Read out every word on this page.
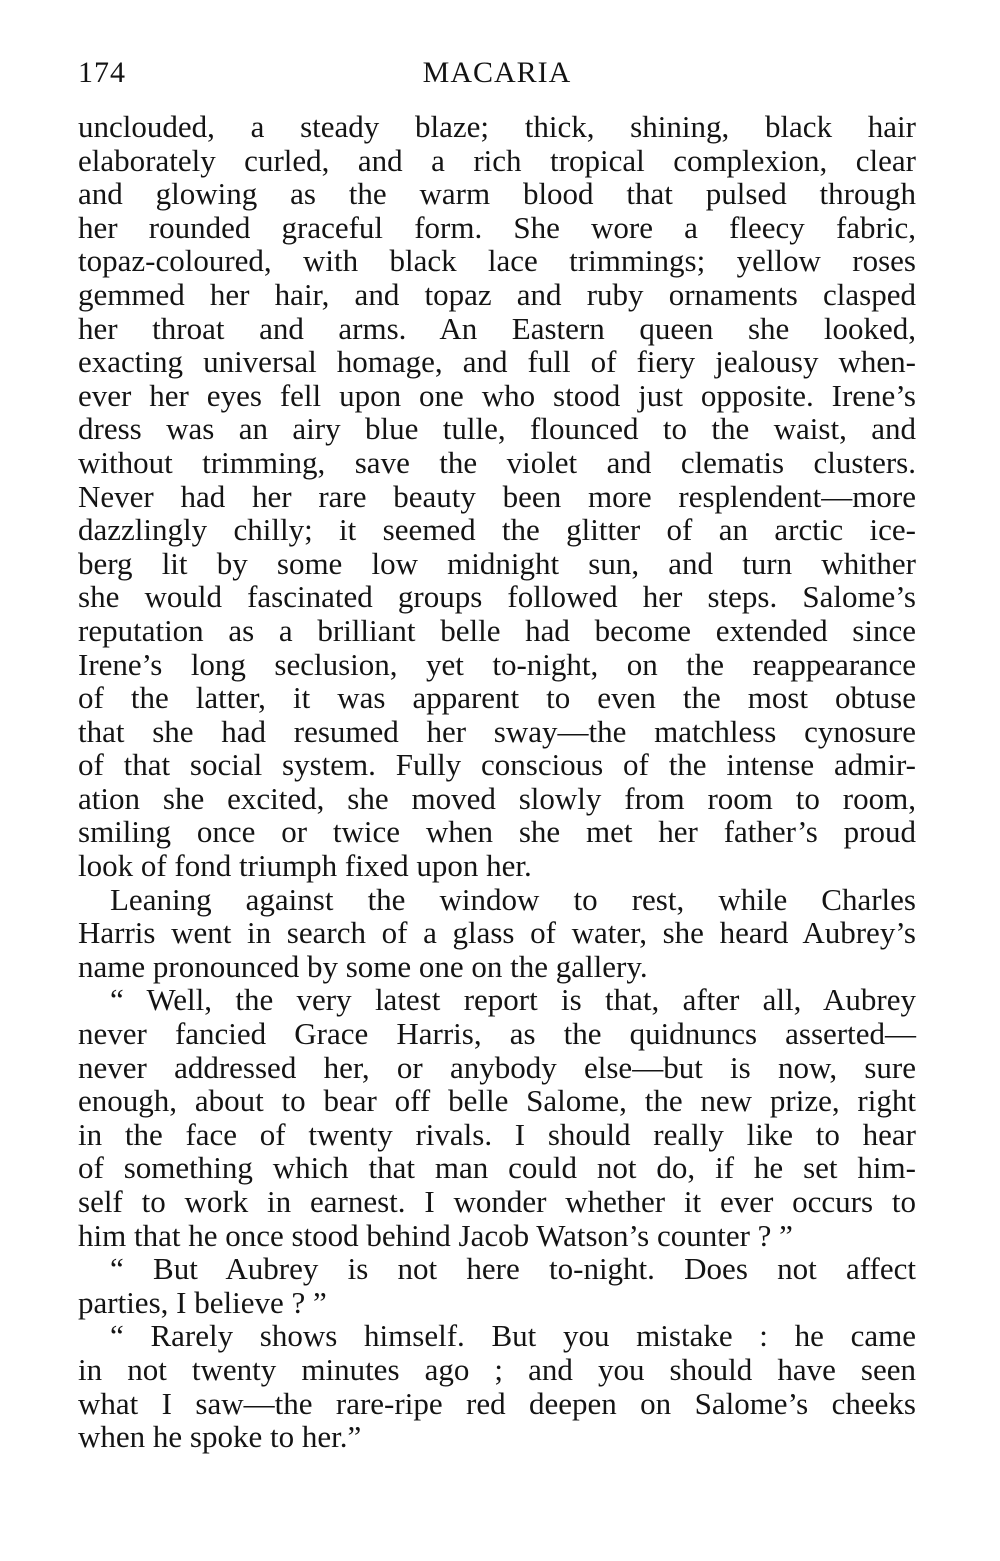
174	MACARIA
unclouded, a steady blaze; thick, shining, black hair
elaborately curled, and a rich tropical complexion, clear
and glowing as the warm blood that pulsed through
her rounded graceful form. She wore a fleecy fabric,
topaz-coloured, with black lace trimmings; yellow roses
gemmed her hair, and topaz and ruby ornaments clasped
her throat and arms. An Eastern queen she looked,
exacting universal homage, and full of fiery jealousy when-
ever her eyes fell upon one who stood just opposite. Irene’s
dress was an airy blue tulle, flounced to the waist, and
without trimming, save the violet and clematis clusters.
Never had her rare beauty been more resplendent—more
dazzlingly chilly; it seemed the glitter of an arctic ice-
berg lit by some low midnight sun, and turn whither
she would fascinated groups followed her steps. Salome’s
reputation as a brilliant belle had become extended since
Irene’s long seclusion, yet to-night, on the reappearance
of the latter, it was apparent to even the most obtuse
that she had resumed her sway—the matchless cynosure
of that social system. Fully conscious of the intense admir-
ation she excited, she moved slowly from room to room,
smiling once or twice when she met her father’s proud
look of fond triumph fixed upon her.
Leaning against the window to rest, while Charles
Harris went in search of a glass of water, she heard Aubrey’s
name pronounced by some one on the gallery.
“ Well, the very latest report is that, after all, Aubrey
never fancied Grace Harris, as the quidnuncs asserted—
never addressed her, or anybody else—but is now, sure
enough, about to bear off belle Salome, the new prize, right
in the face of twenty rivals. I should really like to hear
of something which that man could not do, if he set him-
self to work in earnest. I wonder whether it ever occurs to
him that he once stood behind Jacob Watson’s counter ? ”
“ But Aubrey is not here to-night. Does not affect
parties, I believe ? ”
“ Rarely shows himself. But you mistake : he came
in not twenty minutes ago ; and you should have seen
what I saw—the rare-ripe red deepen on Salome’s cheeks
when he spoke to her.”
